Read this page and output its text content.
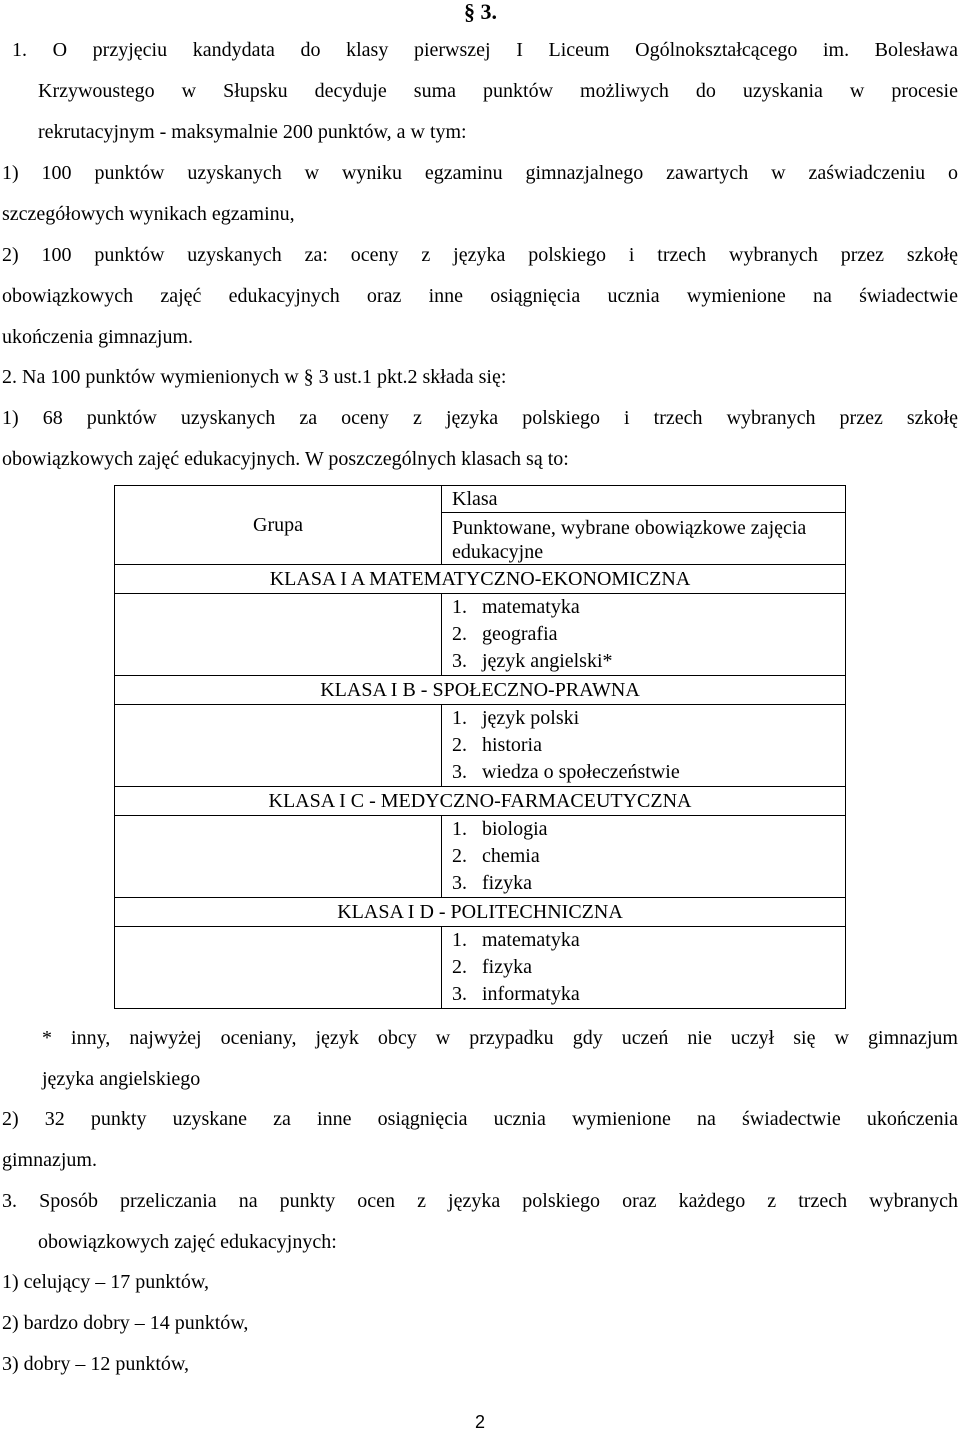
§ 3.
1. O przyjęciu kandydata do klasy pierwszej I Liceum Ogólnokształcącego im. Bolesława
Krzywoustego w Słupsku decyduje suma punktów możliwych do uzyskania w procesie
rekrutacyjnym - maksymalnie 200 punktów, a w tym:
1) 100 punktów uzyskanych w wyniku egzaminu gimnazjalnego zawartych w zaświadczeniu o
szczegółowych wynikach egzaminu,
2) 100 punktów uzyskanych za: oceny z języka polskiego i trzech wybranych przez szkołę
obowiązkowych zajęć edukacyjnych oraz inne osiągnięcia ucznia wymienione na świadectwie
ukończenia gimnazjum.
2. Na 100 punktów wymienionych w § 3 ust.1 pkt.2 składa się:
1) 68 punktów uzyskanych za oceny z języka polskiego i trzech wybranych przez szkołę
obowiązkowych zajęć edukacyjnych. W poszczególnych klasach są to:
Grupa	Klasa
	Punktowane, wybrane obowiązkowe zajęcia edukacyjne
KLASA I A MATEMATYCZNO-EKONOMICZNA	

	1. matematyka
2. geografia
3. język angielski*

KLASA I B - SPOŁECZNO-PRAWNA	

	1. język polski
2. historia
3. wiedza o społeczeństwie

KLASA I C - MEDYCZNO-FARMACEUTYCZNA	

	1. biologia
2. chemia
3. fizyka

KLASA I D - POLITECHNICZNA	

	1. matematyka
2. fizyka
3. informatyka
* inny, najwyżej oceniany, język obcy w przypadku gdy uczeń nie uczył się w gimnazjum
języka angielskiego
2) 32 punkty uzyskane za inne osiągnięcia ucznia wymienione na świadectwie ukończenia
gimnazjum.
3. Sposób przeliczania na punkty ocen z języka polskiego oraz każdego z trzech wybranych
obowiązkowych zajęć edukacyjnych:
1) celujący – 17 punktów,
2) bardzo dobry – 14 punktów,
3) dobry – 12 punktów,
2
